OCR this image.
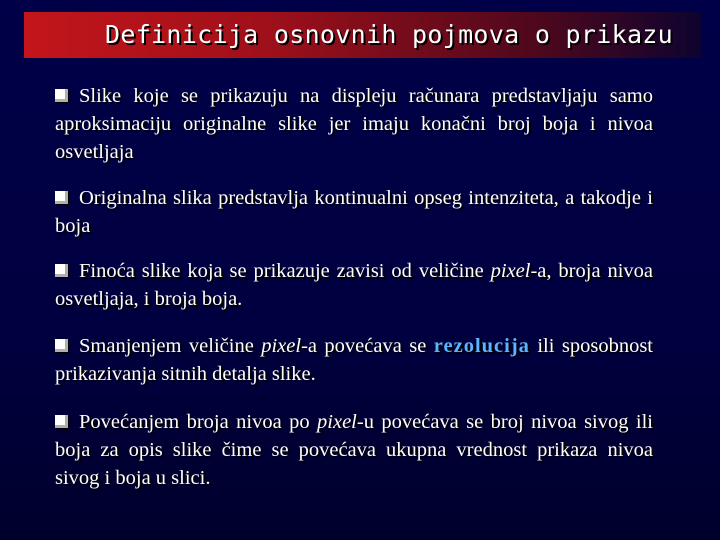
Definicija osnovnih pojmova o prikazu
Slike koje se prikazuju na displeju računara predstavljaju samo aproksimaciju originalne slike jer imaju konačni broj boja i nivoa osvetljaja
Originalna slika predstavlja kontinualni opseg intenziteta, a takodje i boja
Finoća slike koja se prikazuje zavisi od veličine pixel-a, broja nivoa osvetljaja, i broja boja.
Smanjenjem veličine pixel-a povećava se rezolucija ili sposobnost prikazivanja sitnih detalja slike.
Povećanjem broja nivoa po pixel-u povećava se broj nivoa sivog ili boja za opis slike čime se povećava ukupna vrednost prikaza nivoa sivog i boja u slici.
